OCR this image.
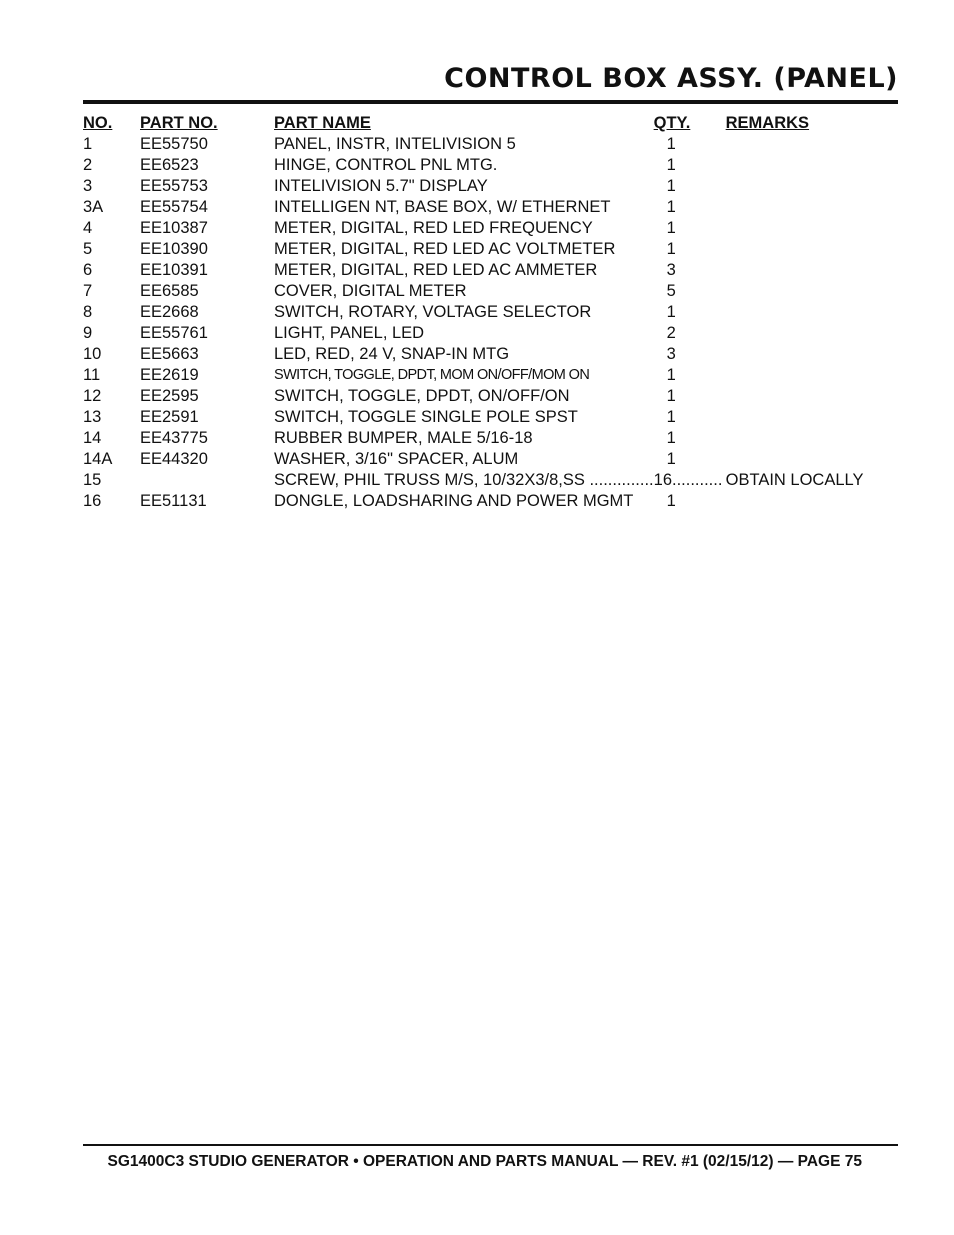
CONTROL BOX ASSY. (PANEL)
NO.	PART NO.	PART NAME	QTY.	REMARKS
1	EE55750	PANEL, INSTR, INTELIVISION 5	1	
2	EE6523	HINGE, CONTROL PNL MTG.	1	
3	EE55753	INTELIVISION 5.7" DISPLAY	1	
3A	EE55754	INTELLIGEN NT, BASE BOX, W/ ETHERNET	1	
4	EE10387	METER, DIGITAL, RED LED FREQUENCY	1	
5	EE10390	METER, DIGITAL, RED LED AC VOLTMETER	1	
6	EE10391	METER, DIGITAL, RED LED AC AMMETER	3	
7	EE6585	COVER, DIGITAL METER	5	
8	EE2668	SWITCH, ROTARY, VOLTAGE SELECTOR	1	
9	EE55761	LIGHT, PANEL, LED	2	
10	EE5663	LED, RED, 24 V, SNAP-IN MTG	3	
11	EE2619	SWITCH, TOGGLE, DPDT, MOM ON/OFF/MOM ON	1	
12	EE2595	SWITCH, TOGGLE, DPDT, ON/OFF/ON	1	
13	EE2591	SWITCH, TOGGLE SINGLE POLE SPST	1	
14	EE43775	RUBBER BUMPER, MALE 5/16-18	1	
14A	EE44320	WASHER, 3/16" SPACER, ALUM	1	
15		SCREW, PHIL TRUSS M/S, 10/32X3/8,SS ..............	16...........	OBTAIN LOCALLY
16	EE51131	DONGLE, LOADSHARING AND POWER MGMT	1	
SG1400C3 STUDIO GENERATOR • OPERATION AND PARTS MANUAL — REV. #1 (02/15/12) — PAGE 75
